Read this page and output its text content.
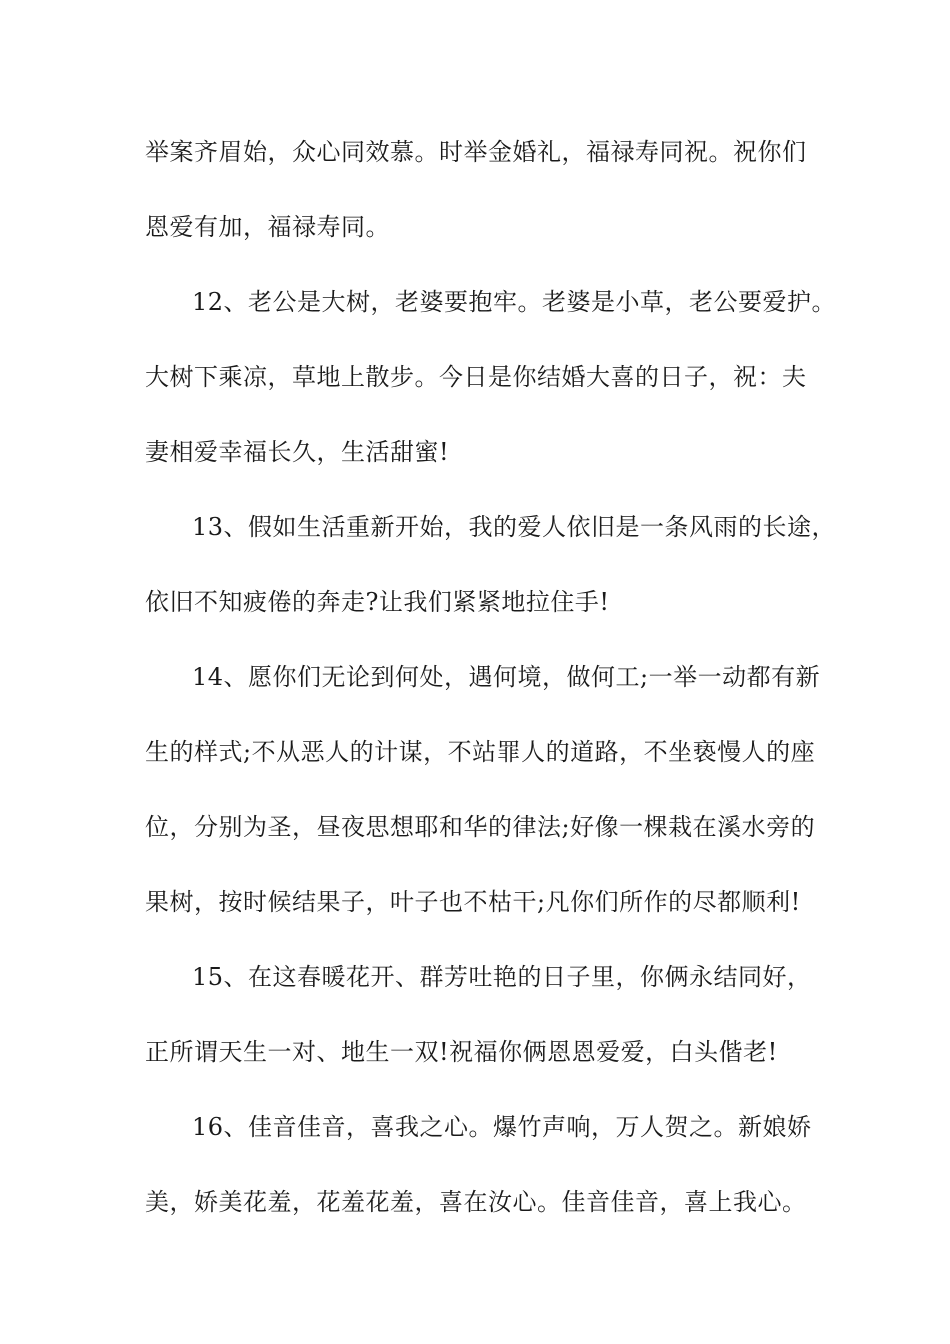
举案齐眉始，众心同效慕。时举金婚礼，福禄寿同祝。祝你们
恩爱有加，福禄寿同。
12、老公是大树，老婆要抱牢。老婆是小草，老公要爱护。
大树下乘凉，草地上散步。今日是你结婚大喜的日子，祝：夫
妻相爱幸福长久，生活甜蜜!
13、假如生活重新开始，我的爱人依旧是一条风雨的长途，
依旧不知疲倦的奔走?让我们紧紧地拉住手!
14、愿你们无论到何处，遇何境，做何工;一举一动都有新
生的样式;不从恶人的计谋，不站罪人的道路，不坐亵慢人的座
位，分别为圣，昼夜思想耶和华的律法;好像一棵栽在溪水旁的
果树，按时候结果子，叶子也不枯干;凡你们所作的尽都顺利!
15、在这春暖花开、群芳吐艳的日子里，你俩永结同好，
正所谓天生一对、地生一双!祝福你俩恩恩爱爱，白头偕老!
16、佳音佳音，喜我之心。爆竹声响，万人贺之。新娘娇
美，娇美花羞，花羞花羞，喜在汝心。佳音佳音，喜上我心。
